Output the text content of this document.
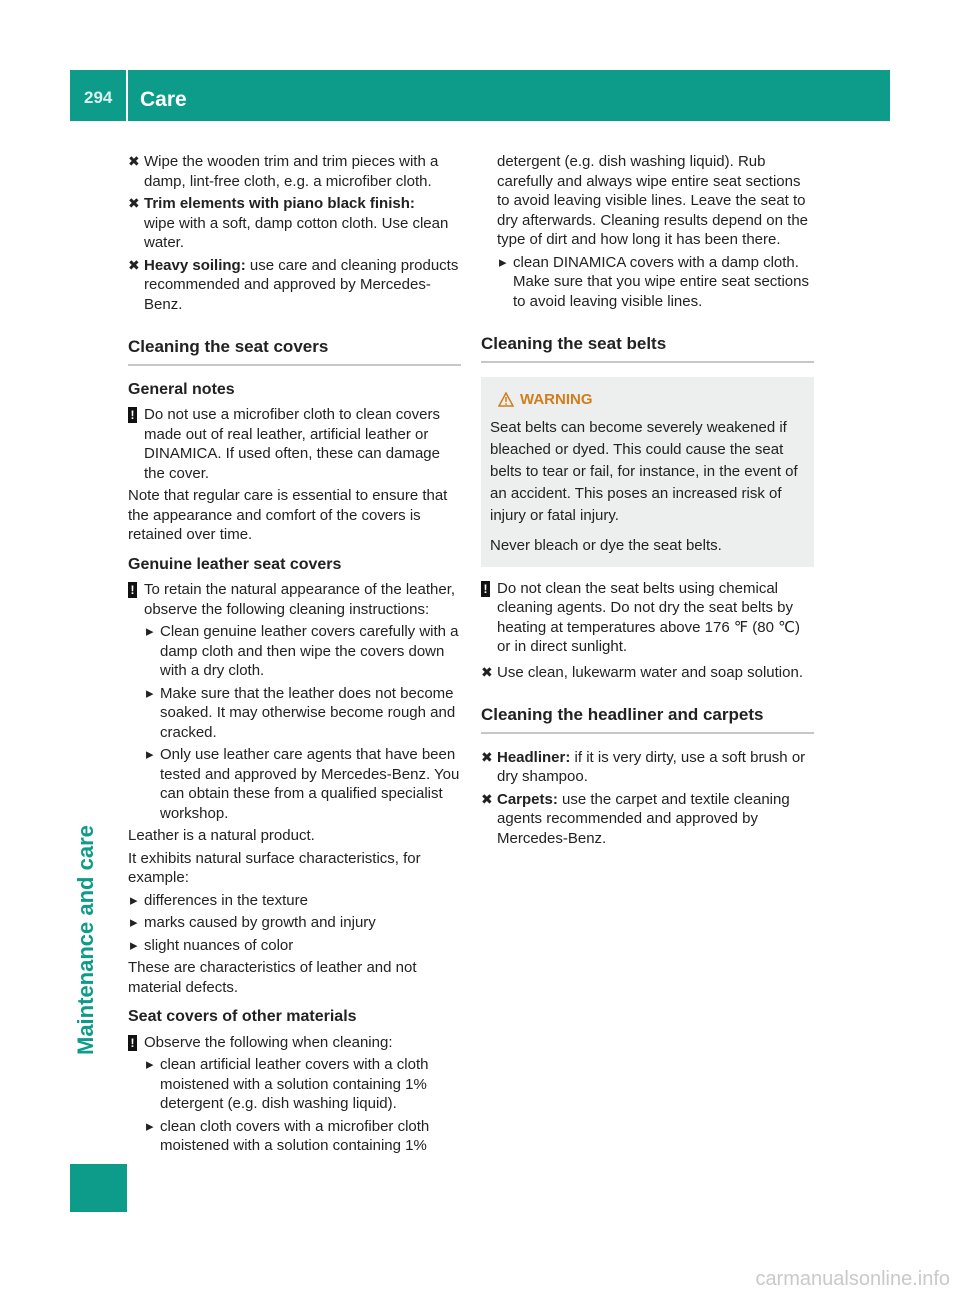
294 Care
✖ Wipe the wooden trim and trim pieces with a damp, lint-free cloth, e.g. a microfiber cloth.
✖ Trim elements with piano black finish:
wipe with a soft, damp cotton cloth. Use clean water.
✖ Heavy soiling: use care and cleaning products recommended and approved by Mercedes-Benz.
Cleaning the seat covers
General notes
! Do not use a microfiber cloth to clean covers made out of real leather, artificial leather or DINAMICA. If used often, these can damage the cover.

Note that regular care is essential to ensure that the appearance and comfort of the covers is retained over time.

Genuine leather seat covers
! To retain the natural appearance of the leather, observe the following cleaning instructions:
▸ Clean genuine leather covers carefully with a damp cloth and then wipe the covers down with a dry cloth.
▸ Make sure that the leather does not become soaked. It may otherwise become rough and cracked.
▸ Only use leather care agents that have been tested and approved by Mercedes-Benz. You can obtain these from a qualified specialist workshop.

Leather is a natural product.

It exhibits natural surface characteristics, for example:

▸ differences in the texture
▸ marks caused by growth and injury
▸ slight nuances of color

These are characteristics of leather and not material defects.

Seat covers of other materials
! Observe the following when cleaning:
▸ clean artificial leather covers with a cloth moistened with a solution containing 1% detergent (e.g. dish washing liquid).
▸ clean cloth covers with a microfiber cloth moistened with a solution containing 1%

detergent (e.g. dish washing liquid). Rub carefully and always wipe entire seat sections to avoid leaving visible lines. Leave the seat to dry afterwards. Cleaning results depend on the type of dirt and how long it has been there.

▸ clean DINAMICA covers with a damp cloth. Make sure that you wipe entire seat sections to avoid leaving visible lines.
Cleaning the seat belts
WARNING

Seat belts can become severely weakened if bleached or dyed. This could cause the seat belts to tear or fail, for instance, in the event of an accident. This poses an increased risk of injury or fatal injury.

Never bleach or dye the seat belts.

! Do not clean the seat belts using chemical cleaning agents. Do not dry the seat belts by heating at temperatures above 176 ℉ (80 ℃) or in direct sunlight.
✖ Use clean, lukewarm water and soap solution.
Cleaning the headliner and carpets
✖ Headliner: if it is very dirty, use a soft brush or dry shampoo.
✖ Carpets: use the carpet and textile cleaning agents recommended and approved by Mercedes-Benz.
carmanualsonline.info
